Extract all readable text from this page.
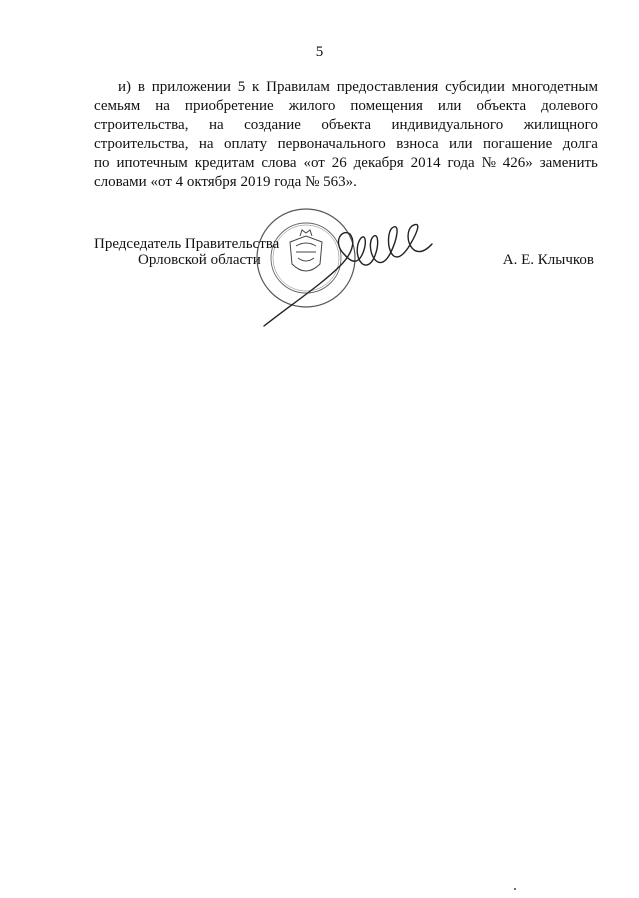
5
и) в приложении 5 к Правилам предоставления субсидии многодетным
семьям на приобретение жилого помещения или объекта долевого
строительства, на создание объекта индивидуального жилищного
строительства, на оплату первоначального взноса или погашение долга
по ипотечным кредитам слова «от 26 декабря 2014 года № 426» заменить
словами «от 4 октября 2019 года № 563».
Председатель Правительства
Орловской области	А. Е. Клычков
